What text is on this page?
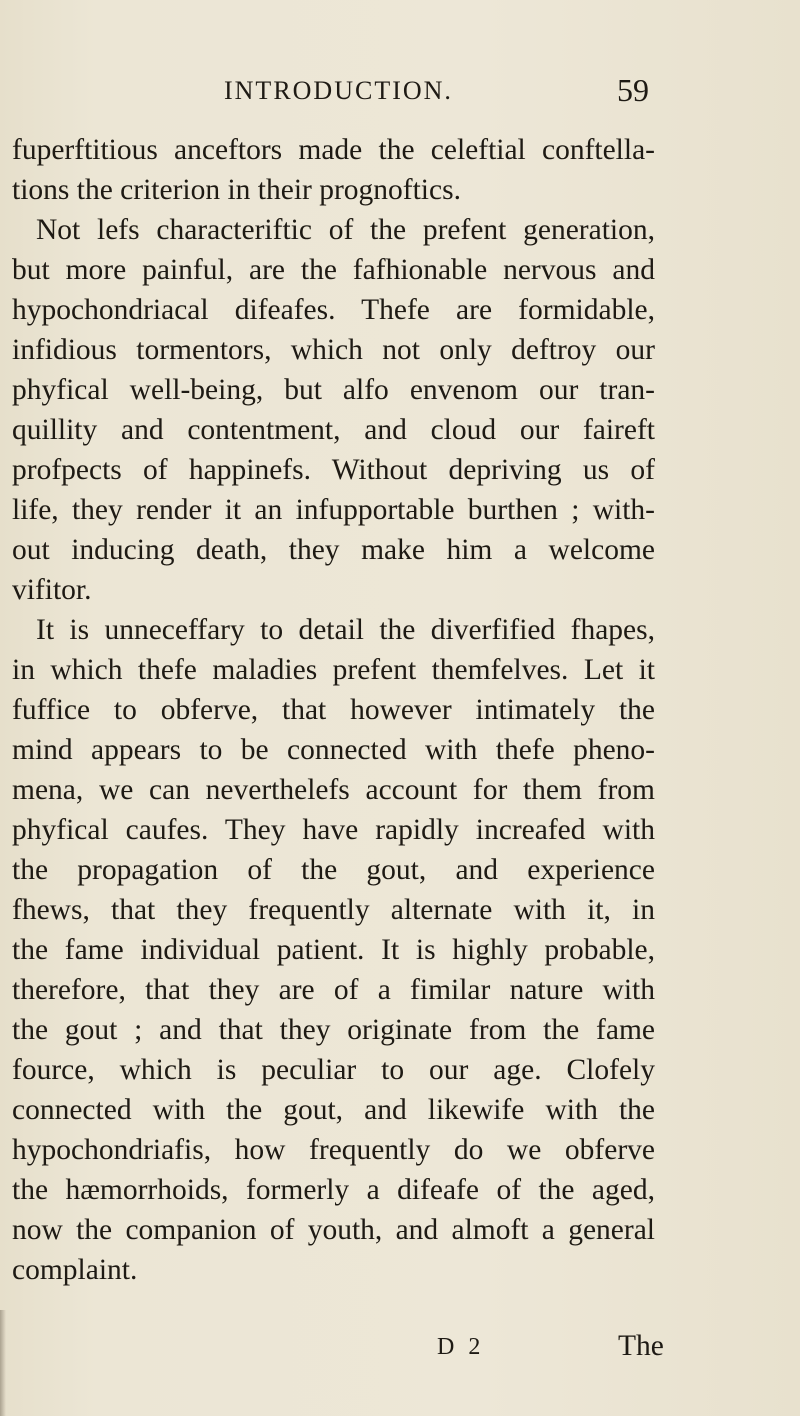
INTRODUCTION.	59
fuperftitious anceftors made the celeftial conftella-
tions the criterion in their prognoftics.
Not lefs characteriftic of the prefent generation,
but more painful, are the fafhionable nervous and
hypochondriacal difeafes. Thefe are formidable,
infidious tormentors, which not only deftroy our
phyfical well-being, but alfo envenom our tran-
quillity and contentment, and cloud our faireft
profpects of happinefs. Without depriving us of
life, they render it an infupportable burthen ; with-
out inducing death, they make him a welcome
vifitor.
It is unneceffary to detail the diverfified fhapes,
in which thefe maladies prefent themfelves. Let it
fuffice to obferve, that however intimately the
mind appears to be connected with thefe pheno-
mena, we can neverthelefs account for them from
phyfical caufes. They have rapidly increafed with
the propagation of the gout, and experience
fhews, that they frequently alternate with it, in
the fame individual patient. It is highly probable,
therefore, that they are of a fimilar nature with
the gout ; and that they originate from the fame
fource, which is peculiar to our age. Clofely
connected with the gout, and likewife with the
hypochondriafis, how frequently do we obferve
the hæmorrhoids, formerly a difeafe of the aged,
now the companion of youth, and almoft a general
complaint.
D 2	The
